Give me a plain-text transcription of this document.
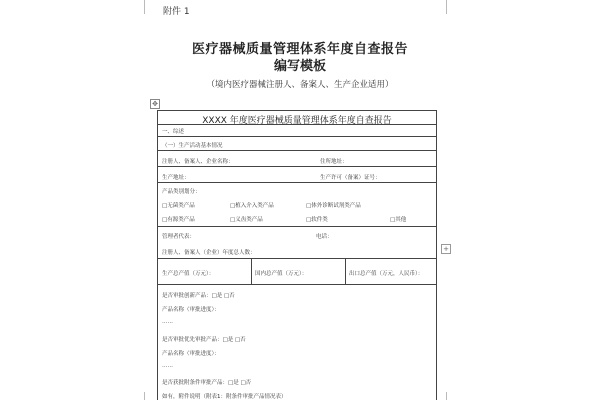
附件 1
医疗器械质量管理体系年度自查报告
编写模板
（境内医疗器械注册人、备案人、生产企业适用）
✥
+
XXXX 年度医疗器械质量管理体系年度自查报告
一、综述
（一）生产活动基本情况
注册人、备案人、企业名称：	住所地址：
生产地址：	生产许可（备案）证号：
产品类别划分：
□无菌类产品	□植入介入类产品	□体外诊断试剂类产品
□有源类产品	□义齿类产品	□软件类	□其他
管理者代表：	电话：
注册人、备案人（企业）年度总人数：
生产总产值（万元）：	国内总产值（万元）：	出口总产值（万元，人民币）：
是否审批创新产品：□是 □否
产品名称（审批进度）：
……
是否审批优先审批产品：□是 □否
产品名称（审批进度）：
……
是否获批附条件审批产品：□是 □否
如有，附件说明（附表1：附条件审批产品情况表）
